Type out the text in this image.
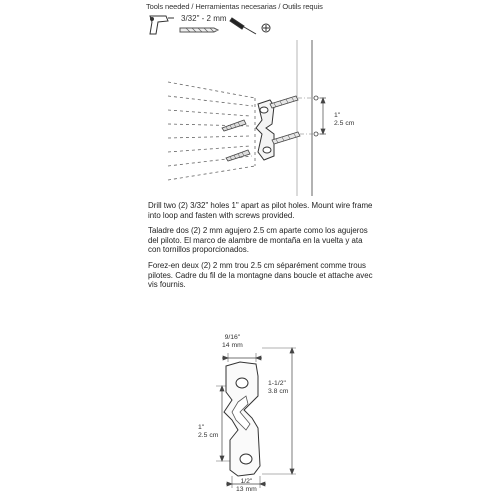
Tools needed / Herramientas necesarias / Outils requis
3/32" - 2 mm
1"
2.5 cm

Drill two (2) 3/32" holes 1" apart as pilot holes. Mount wire frame into loop and fasten with screws provided.

Taladre dos (2) 2 mm agujero 2.5 cm aparte como los agujeros del piloto. El marco de alambre de montaña en la vuelta y ata con tornillos proporcionados.

Forez-en deux (2) 2 mm trou 2.5 cm séparément comme trous pilotes. Cadre du fil de la montagne dans boucle et attache avec vis fournis.

9/16"
14 mm
1-1/2"
3.8 cm
1"
2.5 cm
1/2"
13 mm
